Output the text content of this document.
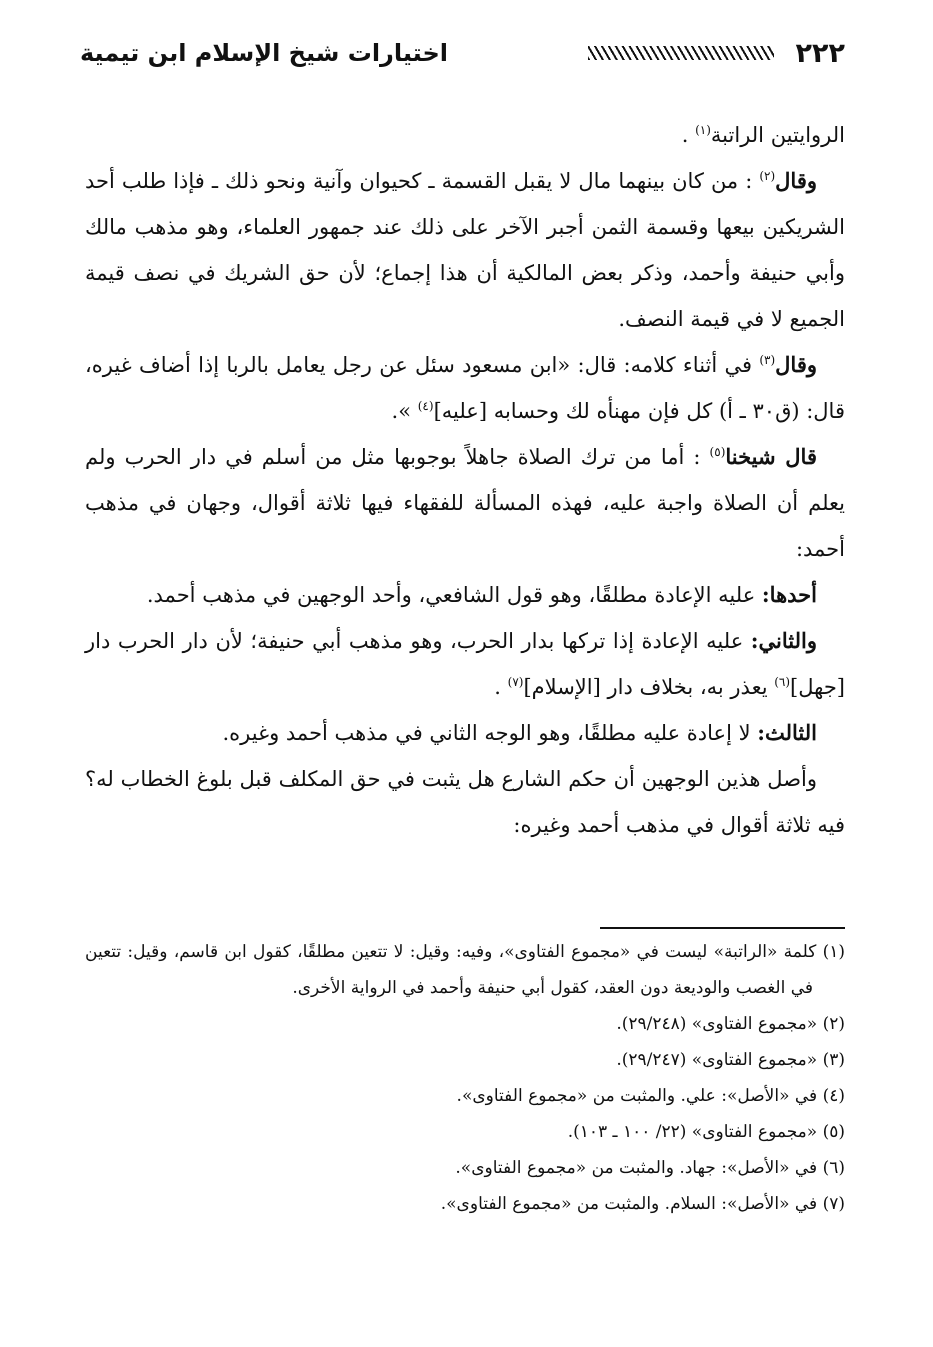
٢٢٢
اختيارات شيخ الإسلام ابن تيمية

الروايتين الراتبة$^{(١)}$ .

وقال$^{(٢)}$ : من كان بينهما مال لا يقبل القسمة ـ كحيوان وآنية ونحو ذلك ـ فإذا طلب أحد الشريكين بيعها وقسمة الثمن أجبر الآخر على ذلك عند جمهور العلماء، وهو مذهب مالك وأبي حنيفة وأحمد، وذكر بعض المالكية أن هذا إجماع؛ لأن حق الشريك في نصف قيمة الجميع لا في قيمة النصف.

وقال$^{(٣)}$ في أثناء كلامه: قال: «ابن مسعود سئل عن رجل يعامل بالربا إذا أضاف غيره، قال: (ق٣٠ ـ أ) كل فإن مهنأه لك وحسابه [عليه]$^{(٤)}$ ».

قال شيخنا$^{(٥)}$ : أما من ترك الصلاة جاهلاً بوجوبها مثل من أسلم في دار الحرب ولم يعلم أن الصلاة واجبة عليه، فهذه المسألة للفقهاء فيها ثلاثة أقوال، وجهان في مذهب أحمد:

أحدها: عليه الإعادة مطلقًا، وهو قول الشافعي، وأحد الوجهين في مذهب أحمد.

والثاني: عليه الإعادة إذا تركها بدار الحرب، وهو مذهب أبي حنيفة؛ لأن دار الحرب دار [جهل]$^{(٦)}$ يعذر به، بخلاف دار [الإسلام]$^{(٧)}$ .

الثالث: لا إعادة عليه مطلقًا، وهو الوجه الثاني في مذهب أحمد وغيره.

وأصل هذين الوجهين أن حكم الشارع هل يثبت في حق المكلف قبل بلوغ الخطاب له؟ فيه ثلاثة أقوال في مذهب أحمد وغيره:

(١) كلمة «الراتبة» ليست في «مجموع الفتاوى»، وفيه: وقيل: لا تتعين مطلقًا، كقول ابن قاسم، وقيل: تتعين في الغصب والوديعة دون العقد، كقول أبي حنيفة وأحمد في الرواية الأخرى.

(٢) «مجموع الفتاوى» (٢٩/٢٤٨).

(٣) «مجموع الفتاوى» (٢٩/٢٤٧).

(٤) في «الأصل»: علي. والمثبت من «مجموع الفتاوى».

(٥) «مجموع الفتاوى» (٢٢/ ١٠٠ ـ ١٠٣).

(٦) في «الأصل»: جهاد. والمثبت من «مجموع الفتاوى».

(٧) في «الأصل»: السلام. والمثبت من «مجموع الفتاوى».
